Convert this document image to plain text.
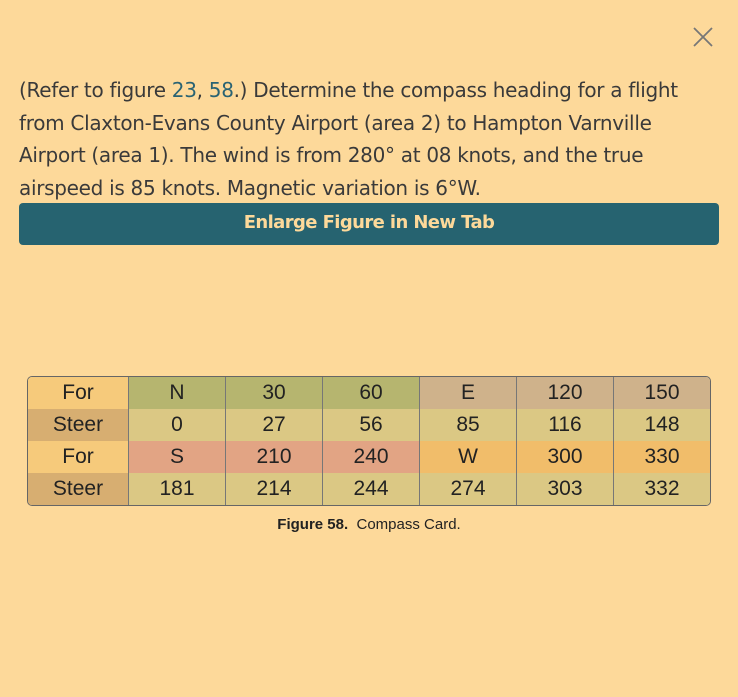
(Refer to figure 23, 58.) Determine the compass heading for a flight from Claxton-Evans County Airport (area 2) to Hampton Varnville Airport (area 1). The wind is from 280° at 08 knots, and the true airspeed is 85 knots. Magnetic variation is 6°W.
Enlarge Figure in New Tab
For	N	30	60	E	120	150
Steer	0	27	56	85	116	148
For	S	210	240	W	300	330
Steer	181	214	244	274	303	332
Figure 58. Compass Card.
